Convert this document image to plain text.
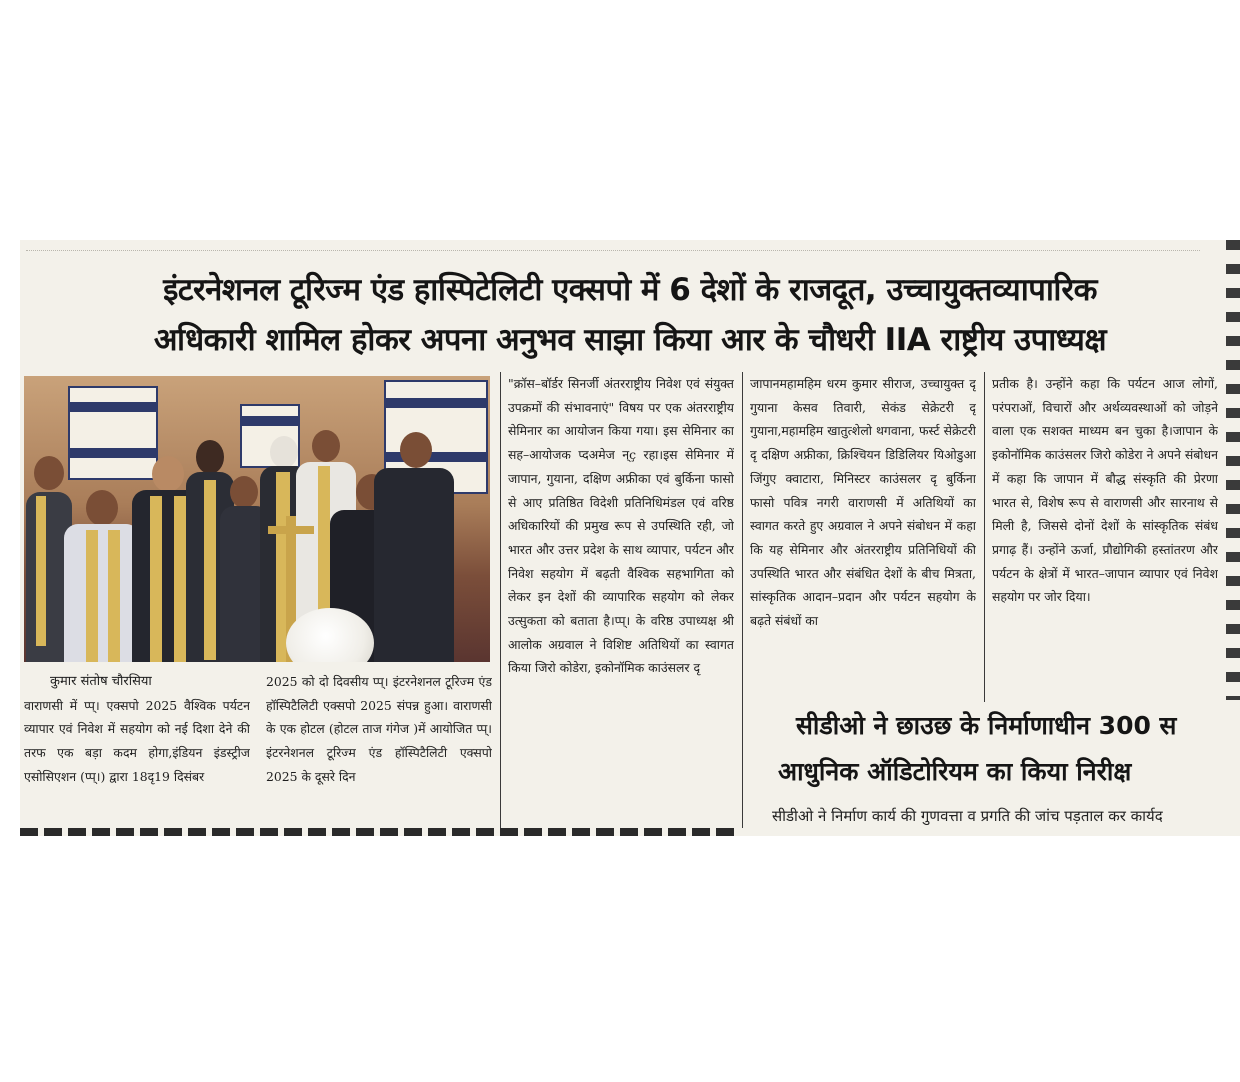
इंटरनेशनल टूरिज्म एंड हास्पिटेलिटी एक्सपो में 6 देशों के राजदूत, उच्चायुक्तव्यापारिक
अधिकारी शामिल होकर अपना अनुभव साझा किया आर के चौधरी IIA राष्ट्रीय उपाध्यक्ष

कुमार संतोष चौरसिया

वाराणसी में प्प्। एक्सपो 2025 वैश्विक पर्यटन व्यापार एवं निवेश में सहयोग को नई दिशा देने की तरफ एक बड़ा कदम होगा,इंडियन इंडस्ट्रीज एसोसिएशन (प्प्।) द्वारा 18दृ19 दिसंबर

2025 को दो दिवसीय प्प्। इंटरनेशनल टूरिज्म एंड हॉस्पिटैलिटी एक्सपो 2025 संपन्न हुआ। वाराणसी के एक होटल (होटल ताज गंगेज )में आयोजित प्प्। इंटरनेशनल टूरिज्म एंड हॉस्पिटैलिटी एक्सपो 2025 के दूसरे दिन

"क्रॉस–बॉर्डर सिनर्जी अंतरराष्ट्रीय निवेश एवं संयुक्त उपक्रमों की संभावनाएं" विषय पर एक अंतरराष्ट्रीय सेमिनार का आयोजन किया गया। इस सेमिनार का सह–आयोजक प्दअमेज न्ç रहा।इस सेमिनार में जापान, गुयाना, दक्षिण अफ्रीका एवं बुर्किना फासो से आए प्रतिष्ठित विदेशी प्रतिनिधिमंडल एवं वरिष्ठ अधिकारियों की प्रमुख रूप से उपस्थिति रही, जो भारत और उत्तर प्रदेश के साथ व्यापार, पर्यटन और निवेश सहयोग में बढ़ती वैश्विक सहभागिता को लेकर इन देशों की व्यापारिक सहयोग को लेकर उत्सुकता को बताता है।प्प्। के वरिष्ठ उपाध्यक्ष श्री आलोक अग्रवाल ने विशिष्ट अतिथियों का स्वागत किया जिरो कोडेरा, इकोनॉमिक काउंसलर दृ

जापानमहामहिम धरम कुमार सीराज, उच्चायुक्त दृ गुयाना केसव तिवारी, सेकंड सेक्रेटरी दृ गुयाना,महामहिम खातुत्शेलो थगवाना, फर्स्ट सेक्रेटरी दृ दक्षिण अफ्रीका, क्रिश्चियन डिडिलियर यिओडुआ जिंगुए क्वाटारा, मिनिस्टर काउंसलर दृ बुर्किना फासो पवित्र नगरी वाराणसी में अतिथियों का स्वागत करते हुए अग्रवाल ने अपने संबोधन में कहा कि यह सेमिनार और अंतरराष्ट्रीय प्रतिनिधियों की उपस्थिति भारत और संबंधित देशों के बीच मित्रता, सांस्कृतिक आदान–प्रदान और पर्यटन सहयोग के बढ़ते संबंधों का

प्रतीक है। उन्होंने कहा कि पर्यटन आज लोगों, परंपराओं, विचारों और अर्थव्यवस्थाओं को जोड़ने वाला एक सशक्त माध्यम बन चुका है।जापान के इकोनॉमिक काउंसलर जिरो कोडेरा ने अपने संबोधन में कहा कि जापान में बौद्ध संस्कृति की प्रेरणा भारत से, विशेष रूप से वाराणसी और सारनाथ से मिली है, जिससे दोनों देशों के सांस्कृतिक संबंध प्रगाढ़ हैं। उन्होंने ऊर्जा, प्रौद्योगिकी हस्तांतरण और पर्यटन के क्षेत्रों में भारत–जापान व्यापार एवं निवेश सहयोग पर जोर दिया।

सीडीओ ने छाउछ के निर्माणाधीन 300 स
आधुनिक ऑडिटोरियम का किया निरीक्ष
सीडीओ ने निर्माण कार्य की गुणवत्ता व प्रगति की जांच पड़ताल कर कार्यद
